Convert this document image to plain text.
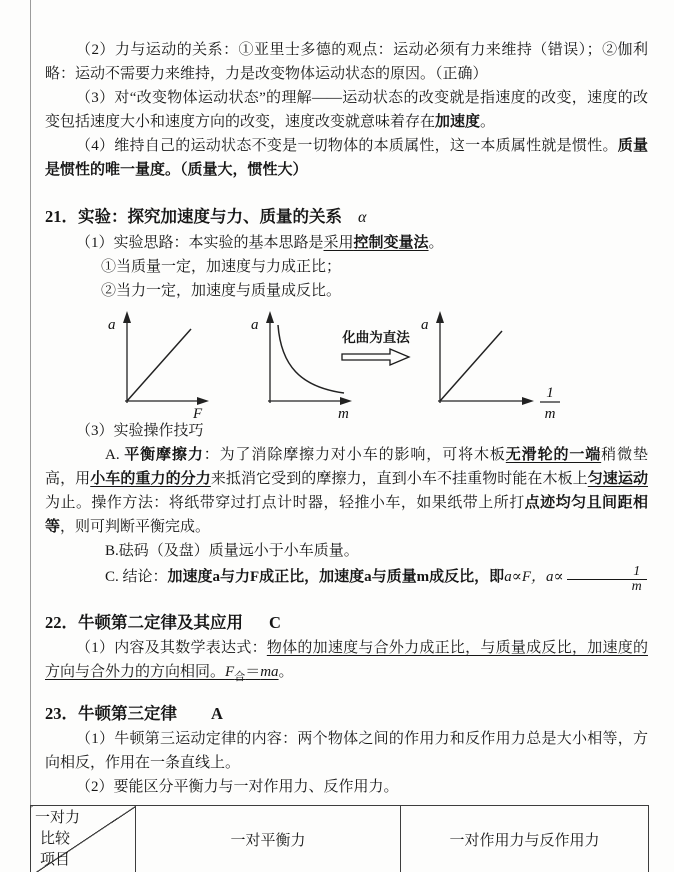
（2）力与运动的关系：①亚里士多德的观点：运动必须有力来维持（错误）；②伽利略：运动不需要力来维持，力是改变物体运动状态的原因。（正确）

（3）对“改变物体运动状态”的理解——运动状态的改变就是指速度的改变，速度的改变包括速度大小和速度方向的改变，速度改变就意味着存在加速度。

（4）维持自己的运动状态不变是一切物体的本质属性，这一本质属性就是惯性。质量是惯性的唯一量度。（质量大，惯性大）

21．实验：探究加速度与力、质量的关系 α

（1）实验思路：本实验的基本思路是采用控制变量法。

①当质量一定，加速度与力成正比；

②当力一定，加速度与质量成反比。

a
F
a
m
化曲为直法
a
1
m

（3）实验操作技巧

A. 平衡摩擦力：为了消除摩擦力对小车的影响，可将木板无滑轮的一端稍微垫高，用小车的重力的分力来抵消它受到的摩擦力，直到小车不挂重物时能在木板上匀速运动为止。操作方法：将纸带穿过打点计时器，轻推小车，如果纸带上所打点迹均匀且间距相等，则可判断平衡完成。

B.砝码（及盘）质量远小于小车质量。

C. 结论：加速度a与力F成正比，加速度a与质量m成反比，即a∝F，$a\propto \frac{1}{m}$

22．牛顿第二定律及其应用 C

（1）内容及其数学表达式：物体的加速度与合外力成正比，与质量成反比，加速度的方向与合外力的方向相同。$F_合=ma$。

23．牛顿第三定律 A

（1）牛顿第三运动定律的内容：两个物体之间的作用力和反作用力总是大小相等，方向相反，作用在一条直线上。

（2）要能区分平衡力与一对作用力、反作用力。

一对力
比较
项目
	一对平衡力	一对作用力与反作用力
